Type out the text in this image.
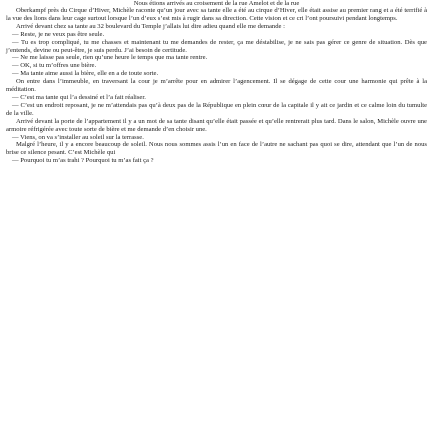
Nous étions arrivés au croisement de la rue Amelot et de la rue

Oberkampf près du Cirque d’Hiver, Michèle raconte qu’un jour avec sa tante elle a été au cirque d’Hiver, elle était assise au premier rang et a été terrifié à la vue des lions dans leur cage surtout lorsque l’un d’eux s’est mis à rugir dans sa direction. Cette vision et ce cri l’ont poursuivi pendant longtemps.

Arrivé devant chez sa tante au 32 boulevard du Temple j’allais lui dire adieu quand elle me demande :

— Reste, je ne veux pas être seule.

— Tu es trop compliqué, tu me chasses et maintenant tu me demandes de rester, ça me déstabilise, je ne sais pas gérer ce genre de situation. Dès que j’entends, devine ou peut-être, je suis perdu. J’ai besoin de certitude.

— Ne me laisse pas seule, rien qu’une heure le temps que ma tante rentre.

— OK, si tu m’offres une bière.

— Ma tante aime aussi la bière, elle en a de toute sorte.

On entre dans l’immeuble, en traversant la cour je m’arrête pour en admirer l’agencement. Il se dégage de cette cour une harmonie qui prête à la méditation.

— C’est ma tante qui l’a dessiné et l’a fait réaliser.

— C’est un endroit reposant, je ne m’attendais pas qu’à deux pas de la République en plein cœur de la capitale il y ait ce jardin et ce calme loin du tumulte de la ville.

Arrivé devant la porte de l’appartement il y a un mot de sa tante disant qu’elle était passée et qu’elle rentrerait plus tard. Dans le salon, Michèle ouvre une armoire réfrigérée avec toute sorte de bière et me demande d’en choisir une.

— Viens, on va s’installer au soleil sur la terrasse.

Malgré l’heure, il y a encore beaucoup de soleil. Nous nous sommes assis l’un en face de l’autre ne sachant pas quoi se dire, attendant que l’un de nous brise ce silence pesant. C’est Michèle qui

— Pourquoi tu m’as trahi ? Pourquoi tu m’as fait ça ?
